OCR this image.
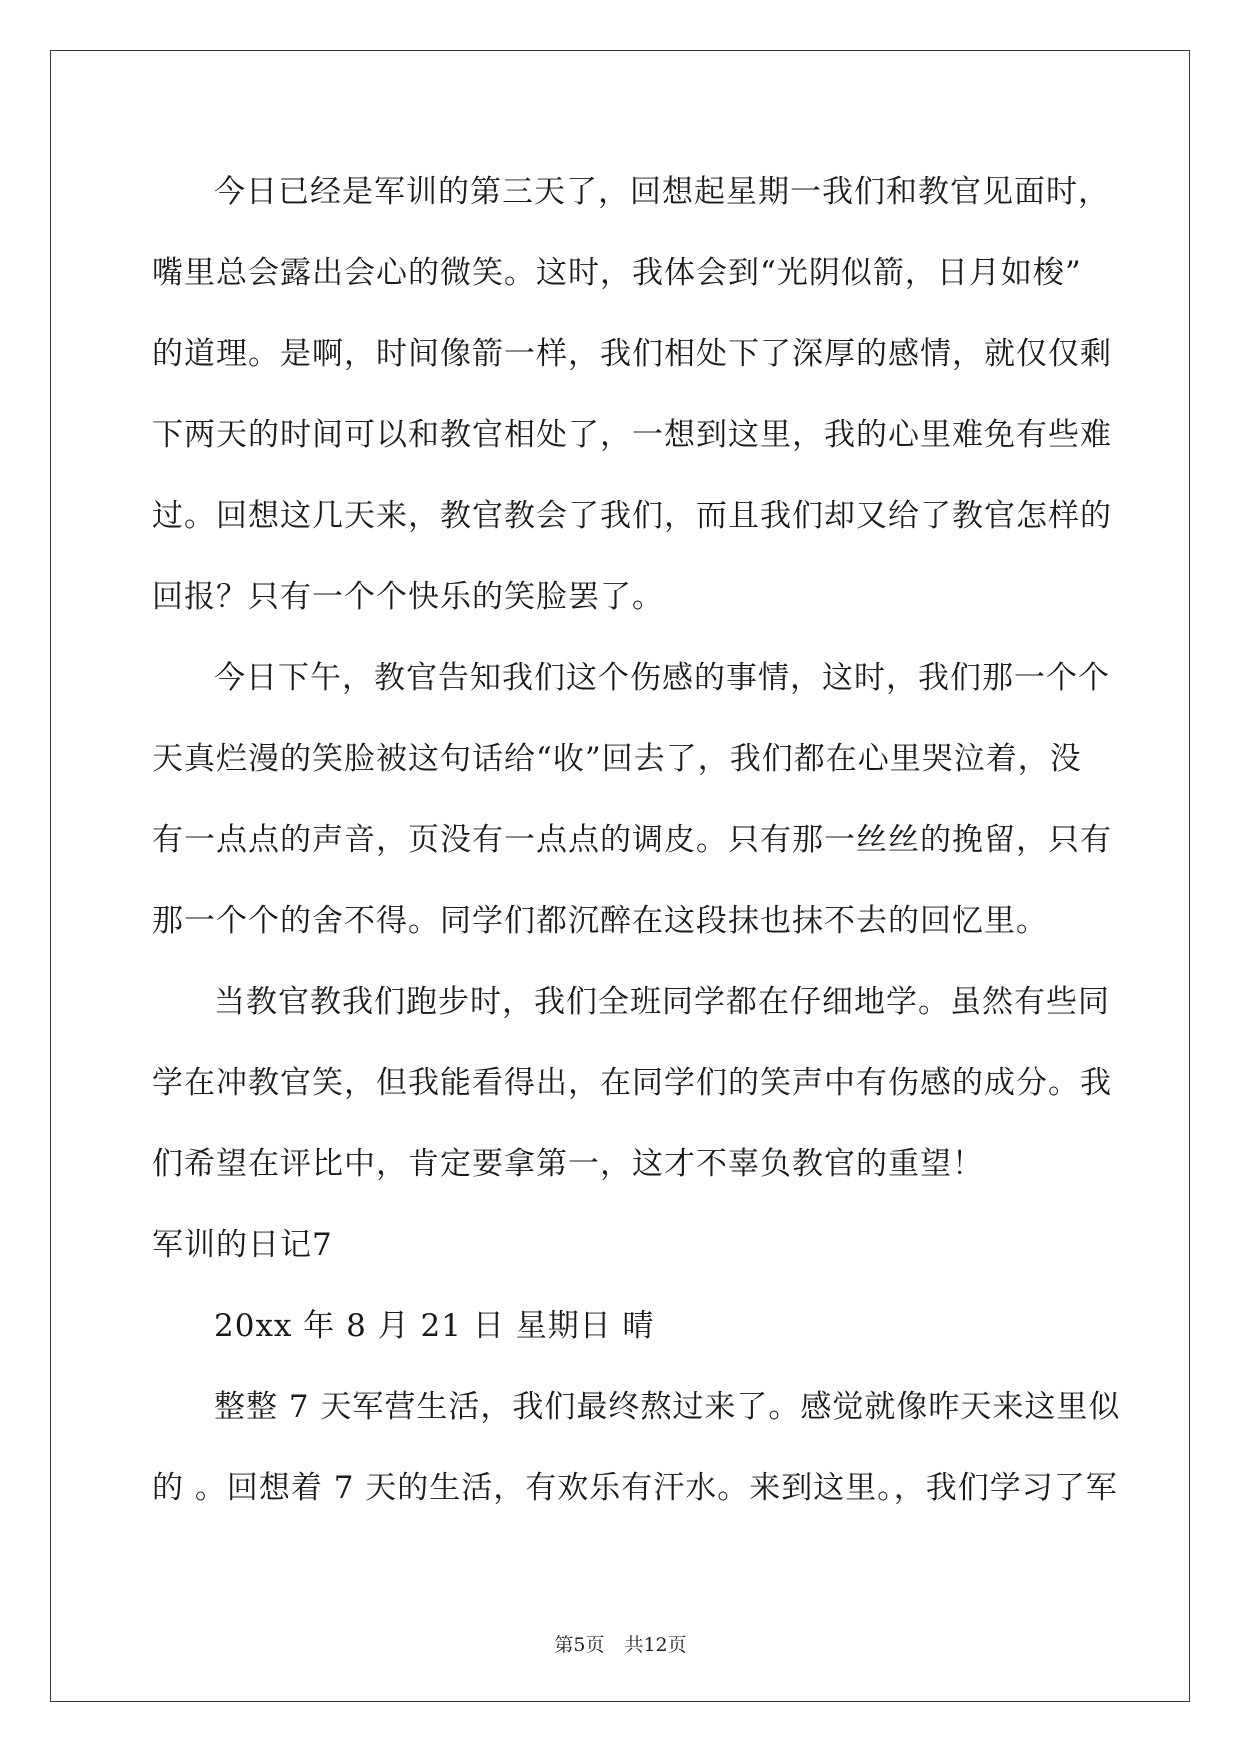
今日已经是军训的第三天了，回想起星期一我们和教官见面时，
嘴里总会露出会心的微笑。这时，我体会到“光阴似箭，日月如梭”
的道理。是啊，时间像箭一样，我们相处下了深厚的感情，就仅仅剩
下两天的时间可以和教官相处了，一想到这里，我的心里难免有些难
过。回想这几天来，教官教会了我们，而且我们却又给了教官怎样的
回报？只有一个个快乐的笑脸罢了。
今日下午，教官告知我们这个伤感的事情，这时，我们那一个个
天真烂漫的笑脸被这句话给“收”回去了，我们都在心里哭泣着，没
有一点点的声音，页没有一点点的调皮。只有那一丝丝的挽留，只有
那一个个的舍不得。同学们都沉醉在这段抹也抹不去的回忆里。
当教官教我们跑步时，我们全班同学都在仔细地学。虽然有些同
学在冲教官笑，但我能看得出，在同学们的笑声中有伤感的成分。我
们希望在评比中，肯定要拿第一，这才不辜负教官的重望！
军训的日记7
20xx 年 8 月 21 日 星期日 晴
整整 7 天军营生活，我们最终熬过来了。感觉就像昨天来这里似
的 。回想着 7 天的生活，有欢乐有汗水。来到这里。，我们学习了军
第5页 共12页
